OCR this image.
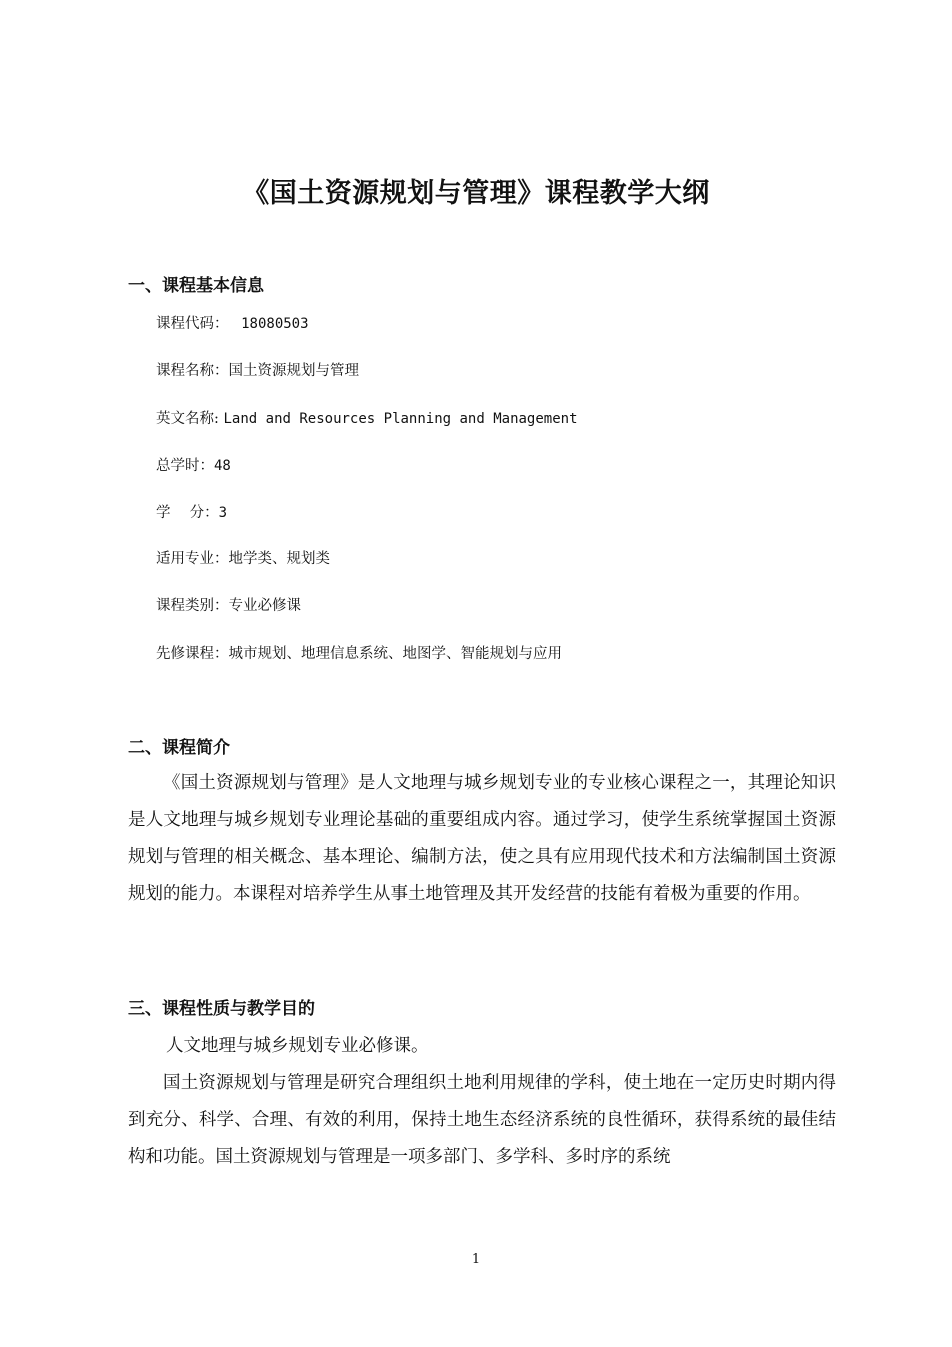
《国土资源规划与管理》课程教学大纲
一、课程基本信息
课程代码： 18080503
课程名称：国土资源规划与管理
英文名称: Land and Resources Planning and Management
总学时：48
学　 分：3
适用专业：地学类、规划类
课程类别：专业必修课
先修课程：城市规划、地理信息系统、地图学、智能规划与应用
二、课程简介

《国土资源规划与管理》是人文地理与城乡规划专业的专业核心课程之一，其理论知识是人文地理与城乡规划专业理论基础的重要组成内容。通过学习，使学生系统掌握国土资源规划与管理的相关概念、基本理论、编制方法，使之具有应用现代技术和方法编制国土资源规划的能力。本课程对培养学生从事土地管理及其开发经营的技能有着极为重要的作用。

三、课程性质与教学目的

人文地理与城乡规划专业必修课。

国土资源规划与管理是研究合理组织土地利用规律的学科，使土地在一定历史时期内得到充分、科学、合理、有效的利用，保持土地生态经济系统的良性循环，获得系统的最佳结构和功能。国土资源规划与管理是一项多部门、多学科、多时序的系统

1
